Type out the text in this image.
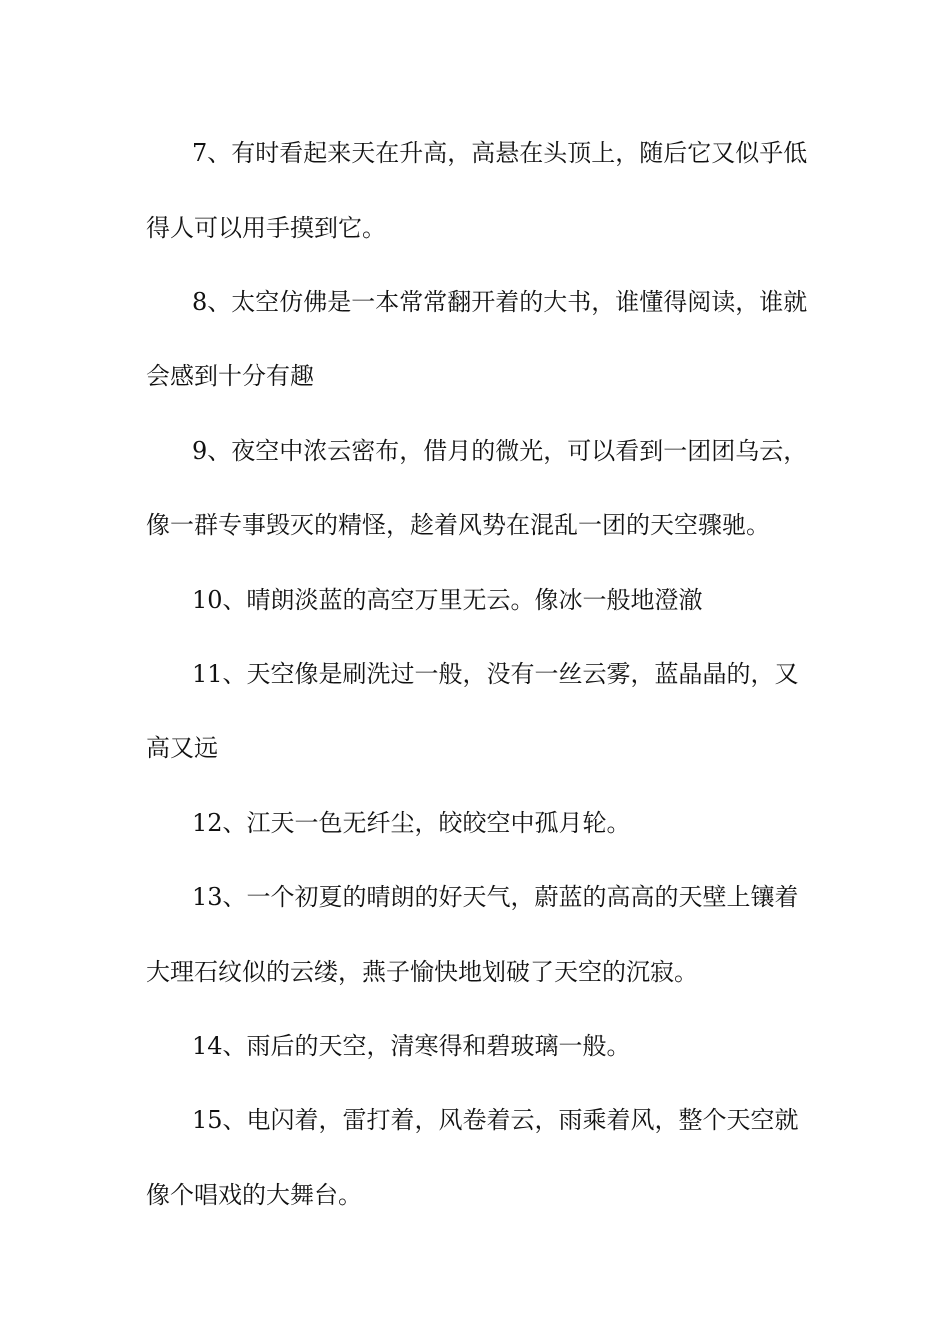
7、有时看起来天在升高，高悬在头顶上，随后它又似乎低
得人可以用手摸到它。
8、太空仿佛是一本常常翻开着的大书，谁懂得阅读，谁就
会感到十分有趣
9、夜空中浓云密布，借月的微光，可以看到一团团乌云，
像一群专事毁灭的精怪，趁着风势在混乱一团的天空骤驰。
10、晴朗淡蓝的高空万里无云。像冰一般地澄澈
11、天空像是刷洗过一般，没有一丝云雾，蓝晶晶的，又
高又远
12、江天一色无纤尘，皎皎空中孤月轮。
13、一个初夏的晴朗的好天气，蔚蓝的高高的天壁上镶着
大理石纹似的云缕，燕子愉快地划破了天空的沉寂。
14、雨后的天空，清寒得和碧玻璃一般。
15、电闪着，雷打着，风卷着云，雨乘着风，整个天空就
像个唱戏的大舞台。
